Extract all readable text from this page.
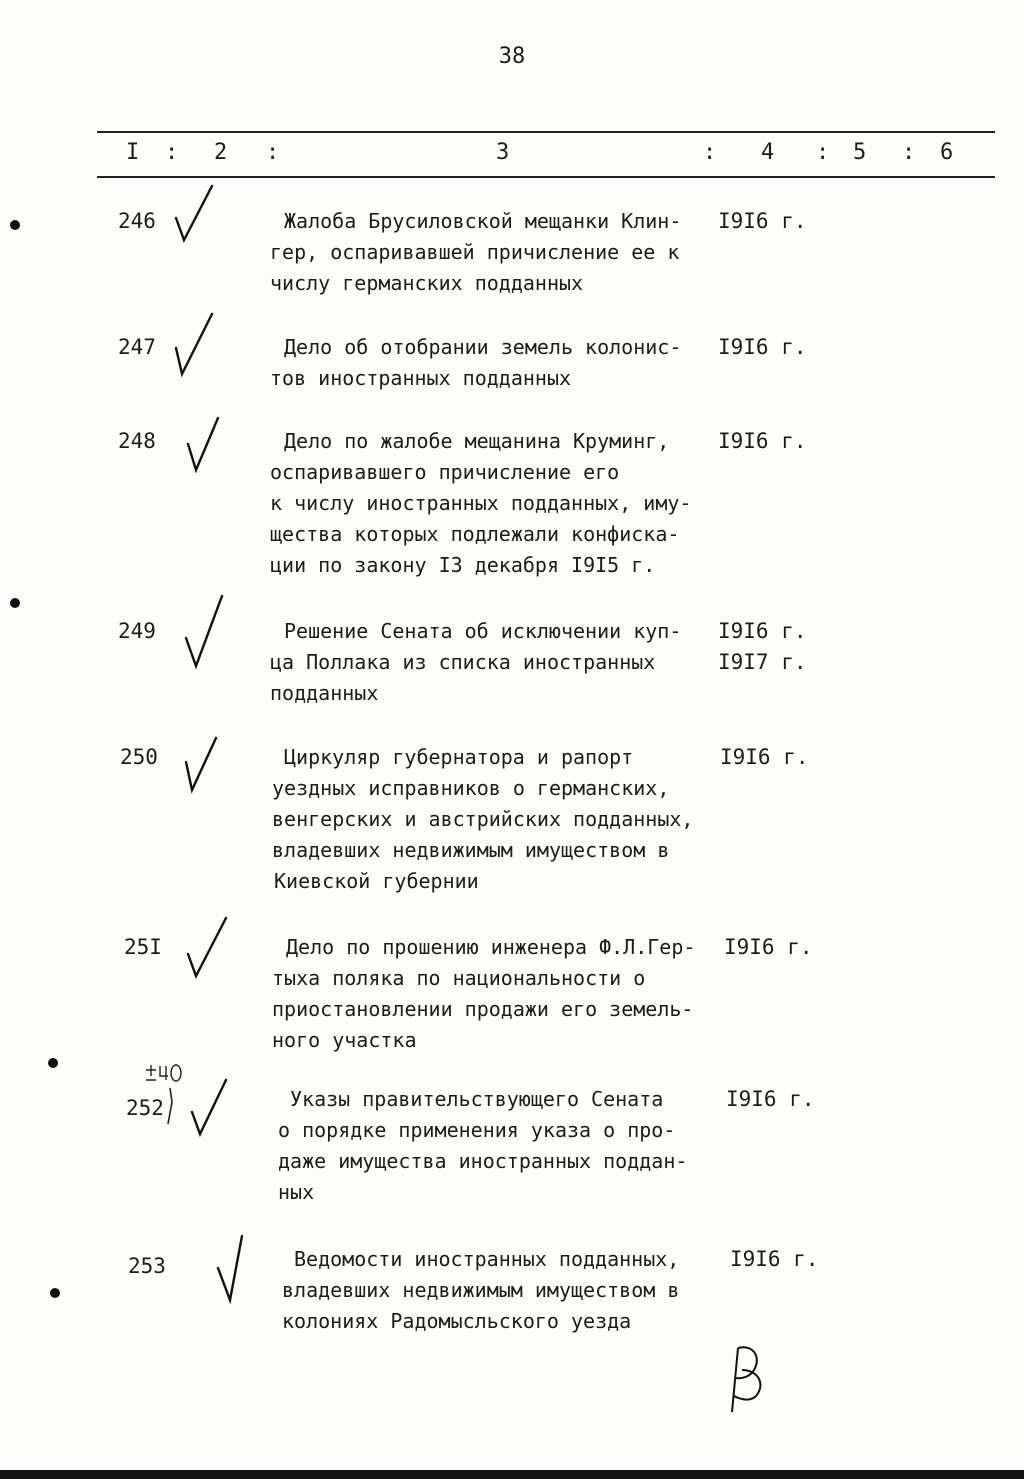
38
I : 2 :	3	: 4 : 5 : 6
246	Жалоба Брусиловской мещанки Клин-
гер, оспаривавшей причисление ее к
числу германских подданных
I9I6 г.
247	Дело об отобрании земель колонис-
тов иностранных подданных
I9I6 г.
248	Дело по жалобе мещанина Круминг,
оспаривавшего причисление его
к числу иностранных подданных, иму-
щества которых подлежали конфиска-
ции по закону I3 декабря I9I5 г.
I9I6 г.
249	Решение Сената об исключении куп-
ца Поллака из списка иностранных
подданных
I9I6 г.
I9I7 г.
250	Циркуляр губернатора и рапорт
уездных исправников о германских,
венгерских и австрийских подданных,
владевших недвижимым имуществом в
Киевской губернии
I9I6 г.
25I	Дело по прошению инженера Ф.Л.Гер-
тыха поляка по национальности о
приостановлении продажи его земель-
ного участка
I9I6 г.
252	Указы правительствующего Сената
о порядке применения указа о про-
даже имущества иностранных поддан-
ных
I9I6 г.
253	Ведомости иностранных подданных,
владевших недвижимым имуществом в
колониях Радомысльского уезда
I9I6 г.
